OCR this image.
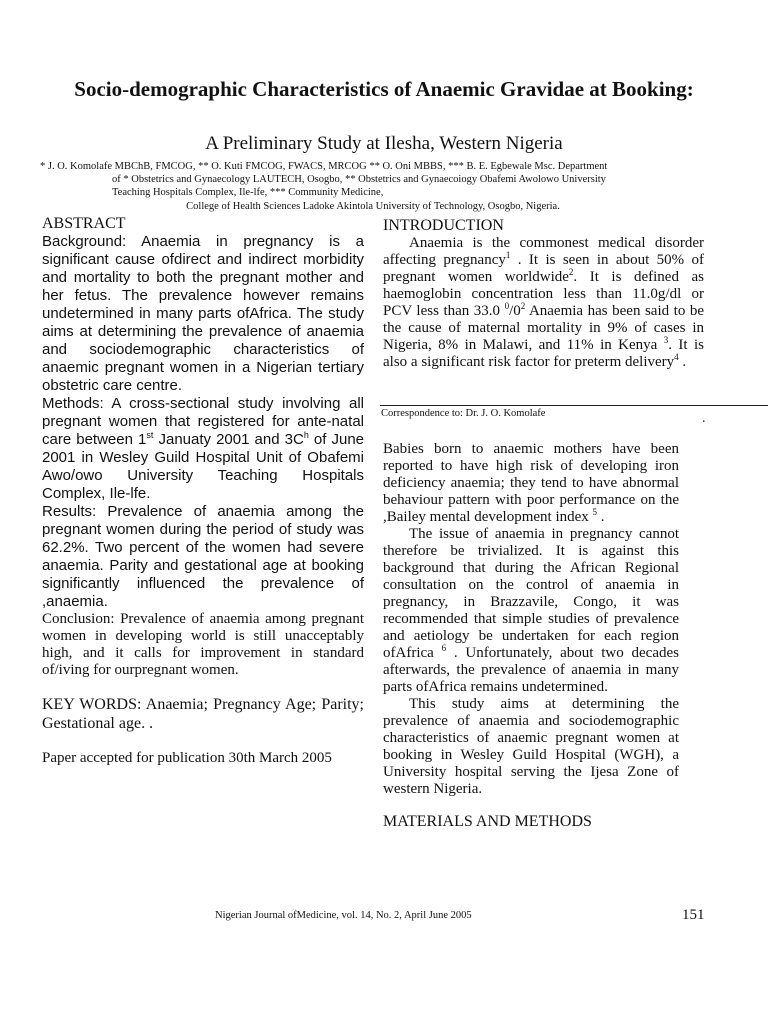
Socio-demographic Characteristics of Anaemic Gravidae at Booking:
A Preliminary Study at Ilesha, Western Nigeria
* J. O. Komolafe MBChB, FMCOG, ** O. Kuti FMCOG, FWACS, MRCOG ** O. Oni MBBS, *** B. E. Egbewale Msc. Department
of * Obstetrics and Gynaecology LAUTECH, Osogbo, ** Obstetrics and Gynaecoiogy Obafemi Awolowo University
Teaching Hospitals Complex, Ile-lfe, *** Community Medicine,
College of Health Sciences Ladoke Akintola University of Technology, Osogbo, Nigeria.
ABSTRACT

Background: Anaemia in pregnancy is a significant cause ofdirect and indirect morbidity and mortality to both the pregnant mother and her fetus. The prevalence however remains undetermined in many parts ofAfrica. The study aims at determining the prevalence of anaemia and sociodemographic characteristics of anaemic pregnant women in a Nigerian tertiary obstetric care centre.

Methods: A cross-sectional study involving all pregnant women that registered for ante-natal care between 1st Januaty 2001 and $3C^h$ of June 2001 in Wesley Guild Hospital Unit of Obafemi Awo/owo University Teaching Hospitals Complex, Ile-lfe.

Results: Prevalence of anaemia among the pregnant women during the period of study was 62.2%. Two percent of the women had severe anaemia. Parity and gestational age at booking significantly influenced the prevalence of ,anaemia.

Conclusion: Prevalence of anaemia among pregnant women in developing world is still unacceptably high, and it calls for improvement in standard of/iving for ourpregnant women.

KEY WORDS: Anaemia; Pregnancy Age; Parity; Gestational age. .

Paper accepted for publication 30th March 2005

INTRODUCTION

Anaemia is the commonest medical disorder affecting pregnancy$^1$ . It is seen in about 50% of pregnant women worldwide$^2$. It is defined as haemoglobin concentration less than 11.0g/dl or PCV less than 33.0 $^0/0^2$ Anaemia has been said to be the cause of maternal mortality in 9% of cases in Nigeria, 8% in Malawi, and 11% in Kenya $^3$. It is also a significant risk factor for preterm delivery$^4$ .

Correspondence to: Dr. J. O. Komolafe	.

Babies born to anaemic mothers have been reported to have high risk of developing iron deficiency anaemia; they tend to have abnormal behaviour pattern with poor performance on the ,Bailey mental development index $^5$ .

The issue of anaemia in pregnancy cannot therefore be trivialized. It is against this background that during the African Regional consultation on the control of anaemia in pregnancy, in Brazzavile, Congo, it was recommended that simple studies of prevalence and aetiology be undertaken for each region ofAfrica $^6$ . Unfortunately, about two decades afterwards, the prevalence of anaemia in many parts ofAfrica remains undetermined.

This study aims at determining the prevalence of anaemia and sociodemographic characteristics of anaemic pregnant women at booking in Wesley Guild Hospital (WGH), a University hospital serving the Ijesa Zone of western Nigeria.

MATERIALS AND METHODS
Nigerian Journal ofMedicine, vol. 14, No. 2, April June 2005	151
